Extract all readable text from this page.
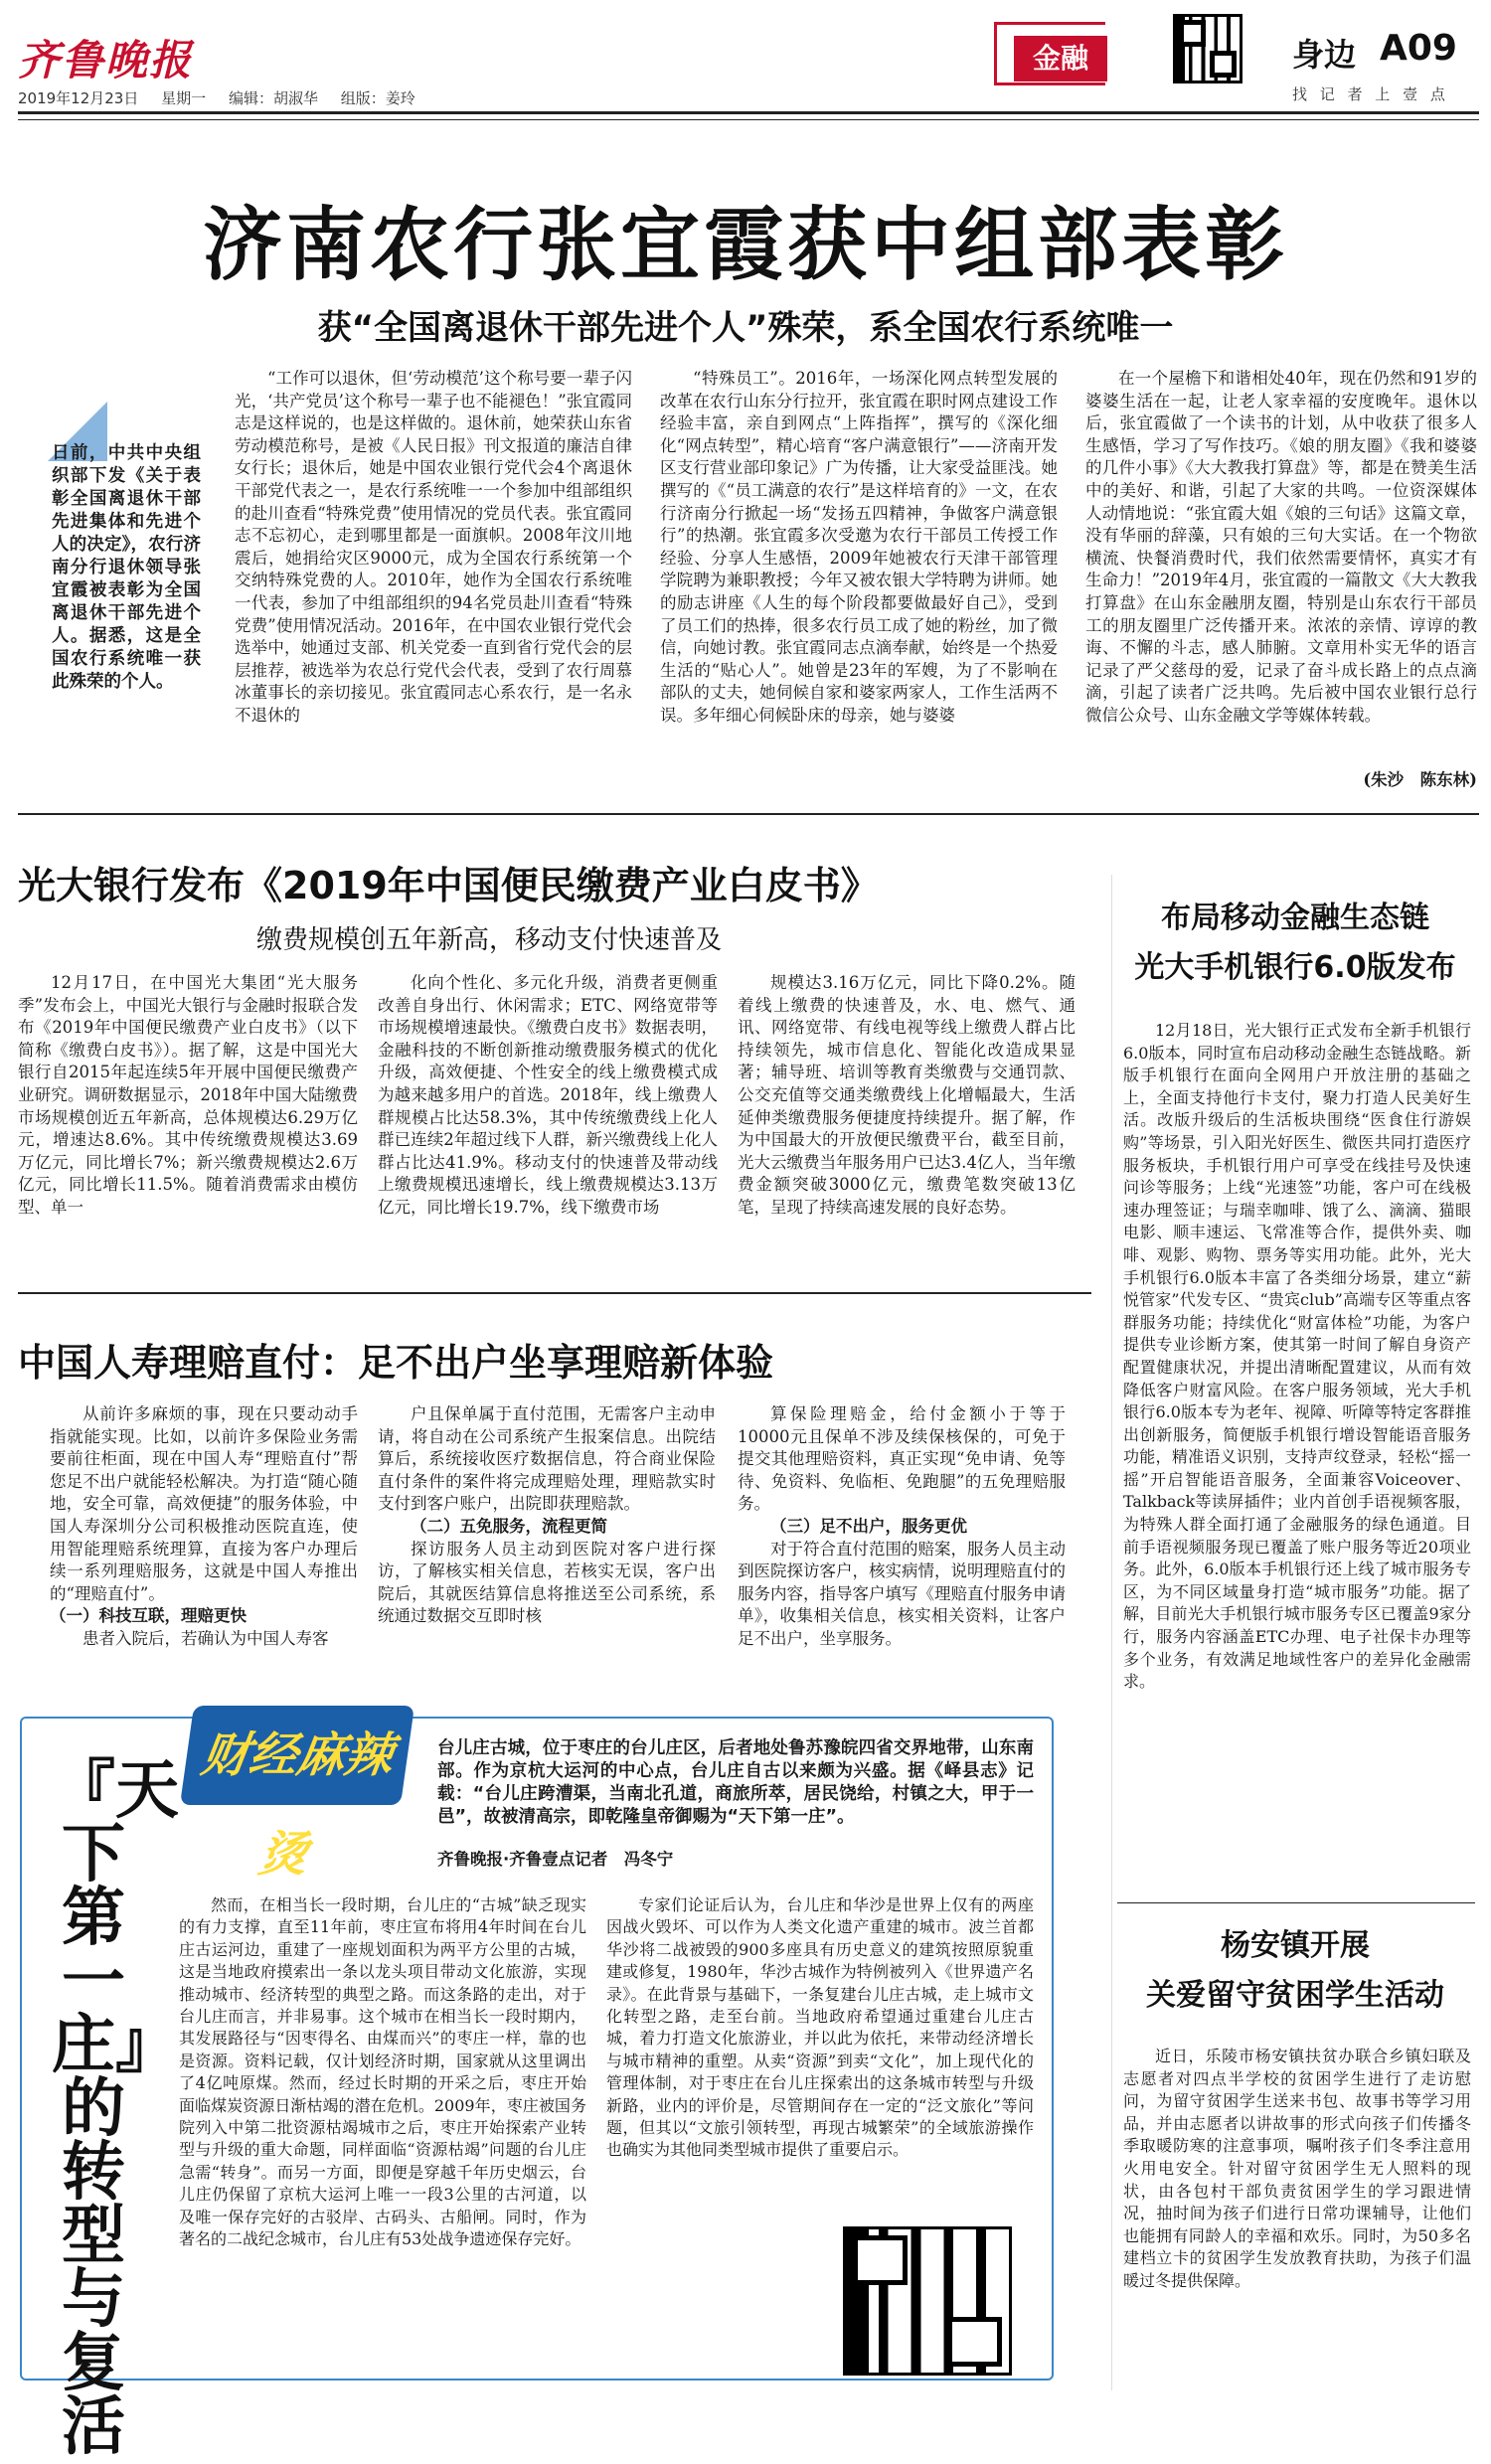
齐鲁晚报
2019年12月23日 星期一 编辑：胡淑华 组版：姜玲
金融	身边 A09
找 记 者 上 壹 点
济南农行张宜霞获中组部表彰
获“全国离退休干部先进个人”殊荣，系全国农行系统唯一
日前，中共中央组织部下发《关于表彰全国离退休干部先进集体和先进个人的决定》，农行济南分行退休领导张宜霞被表彰为全国离退休干部先进个人。据悉，这是全国农行系统唯一获此殊荣的个人。

“工作可以退休，但‘劳动模范’这个称号要一辈子闪光，‘共产党员’这个称号一辈子也不能褪色！”张宜霞同志是这样说的，也是这样做的。退休前，她荣获山东省劳动模范称号，是被《人民日报》刊文报道的廉洁自律女行长；退休后，她是中国农业银行党代会4个离退休干部党代表之一，是农行系统唯一一个参加中组部组织的赴川查看“特殊党费”使用情况的党员代表。张宜霞同志不忘初心，走到哪里都是一面旗帜。2008年汶川地震后，她捐给灾区9000元，成为全国农行系统第一个交纳特殊党费的人。2010年，她作为全国农行系统唯一代表，参加了中组部组织的94名党员赴川查看“特殊党费”使用情况活动。2016年，在中国农业银行党代会选举中，她通过支部、机关党委一直到省行党代会的层层推荐，被选举为农总行党代会代表，受到了农行周慕冰董事长的亲切接见。张宜霞同志心系农行，是一名永不退休的

“特殊员工”。2016年，一场深化网点转型发展的改革在农行山东分行拉开，张宜霞在职时网点建设工作经验丰富，亲自到网点“上阵指挥”，撰写的《深化细化“网点转型”，精心培育“客户满意银行”——济南开发区支行营业部印象记》广为传播，让大家受益匪浅。她撰写的《“员工满意的农行”是这样培育的》一文，在农行济南分行掀起一场“发扬五四精神，争做客户满意银行”的热潮。张宜霞多次受邀为农行干部员工传授工作经验、分享人生感悟，2009年她被农行天津干部管理学院聘为兼职教授；今年又被农银大学特聘为讲师。她的励志讲座《人生的每个阶段都要做最好自己》，受到了员工们的热捧，很多农行员工成了她的粉丝，加了微信，向她讨教。张宜霞同志点滴奉献，始终是一个热爱生活的“贴心人”。她曾是23年的军嫂，为了不影响在部队的丈夫，她伺候自家和婆家两家人，工作生活两不误。多年细心伺候卧床的母亲，她与婆婆

在一个屋檐下和谐相处40年，现在仍然和91岁的婆婆生活在一起，让老人家幸福的安度晚年。退休以后，张宜霞做了一个读书的计划，从中收获了很多人生感悟，学习了写作技巧。《娘的朋友圈》《我和婆婆的几件小事》《大大教我打算盘》等，都是在赞美生活中的美好、和谐，引起了大家的共鸣。一位资深媒体人动情地说：“张宜霞大姐《娘的三句话》这篇文章，没有华丽的辞藻，只有娘的三句大实话。在一个物欲横流、快餐消费时代，我们依然需要情怀，真实才有生命力！”2019年4月，张宜霞的一篇散文《大大教我打算盘》在山东金融朋友圈，特别是山东农行干部员工的朋友圈里广泛传播开来。浓浓的亲情、谆谆的教诲、不懈的斗志，感人肺腑。文章用朴实无华的语言记录了严父慈母的爱，记录了奋斗成长路上的点点滴滴，引起了读者广泛共鸣。先后被中国农业银行总行微信公众号、山东金融文学等媒体转载。

(朱沙　陈东林)
光大银行发布《2019年中国便民缴费产业白皮书》
缴费规模创五年新高，移动支付快速普及

12月17日，在中国光大集团“光大服务季”发布会上，中国光大银行与金融时报联合发布《2019年中国便民缴费产业白皮书》（以下简称《缴费白皮书》）。据了解，这是中国光大银行自2015年起连续5年开展中国便民缴费产业研究。调研数据显示，2018年中国大陆缴费市场规模创近五年新高，总体规模达6.29万亿元，增速达8.6%。其中传统缴费规模达3.69万亿元，同比增长7%；新兴缴费规模达2.6万亿元，同比增长11.5%。随着消费需求由模仿型、单一

化向个性化、多元化升级，消费者更侧重改善自身出行、休闲需求；ETC、网络宽带等市场规模增速最快。《缴费白皮书》数据表明，金融科技的不断创新推动缴费服务模式的优化升级，高效便捷、个性安全的线上缴费模式成为越来越多用户的首选。2018年，线上缴费人群规模占比达58.3%，其中传统缴费线上化人群已连续2年超过线下人群，新兴缴费线上化人群占比达41.9%。移动支付的快速普及带动线上缴费规模迅速增长，线上缴费规模达3.13万亿元，同比增长19.7%，线下缴费市场

规模达3.16万亿元，同比下降0.2%。随着线上缴费的快速普及，水、电、燃气、通讯、网络宽带、有线电视等线上缴费人群占比持续领先，城市信息化、智能化改造成果显著；辅导班、培训等教育类缴费与交通罚款、公交充值等交通类缴费线上化增幅最大，生活延伸类缴费服务便捷度持续提升。据了解，作为中国最大的开放便民缴费平台，截至目前，光大云缴费当年服务用户已达3.4亿人，当年缴费金额突破3000亿元，缴费笔数突破13亿笔，呈现了持续高速发展的良好态势。

中国人寿理赔直付：足不出户坐享理赔新体验

从前许多麻烦的事，现在只要动动手指就能实现。比如，以前许多保险业务需要前往柜面，现在中国人寿“理赔直付”帮您足不出户就能轻松解决。为打造“随心随地，安全可靠，高效便捷”的服务体验，中国人寿深圳分公司积极推动医院直连，使用智能理赔系统理算，直接为客户办理后续一系列理赔服务，这就是中国人寿推出的“理赔直付”。

（一）科技互联，理赔更快

患者入院后，若确认为中国人寿客

户且保单属于直付范围，无需客户主动申请，将自动在公司系统产生报案信息。出院结算后，系统接收医疗数据信息，符合商业保险直付条件的案件将完成理赔处理，理赔款实时支付到客户账户，出院即获理赔款。

（二）五免服务，流程更简

探访服务人员主动到医院对客户进行探访，了解核实相关信息，若核实无误，客户出院后，其就医结算信息将推送至公司系统，系统通过数据交互即时核

算保险理赔金，给付金额小于等于10000元且保单不涉及续保核保的，可免于提交其他理赔资料，真正实现“免申请、免等待、免资料、免临柜、免跑腿”的五免理赔服务。

（三）足不出户，服务更优

对于符合直付范围的赔案，服务人员主动到医院探访客户，核实病情，说明理赔直付的服务内容，指导客户填写《理赔直付服务申请单》，收集相关信息，核实相关资料，让客户足不出户，坐享服务。

布局移动金融生态链
光大手机银行6.0版发布

12月18日，光大银行正式发布全新手机银行6.0版本，同时宣布启动移动金融生态链战略。新版手机银行在面向全网用户开放注册的基础之上，全面支持他行卡支付，聚力打造人民美好生活。改版升级后的生活板块围绕“医食住行游娱购”等场景，引入阳光好医生、微医共同打造医疗服务板块，手机银行用户可享受在线挂号及快速问诊等服务；上线“光速签”功能，客户可在线极速办理签证；与瑞幸咖啡、饿了么、滴滴、猫眼电影、顺丰速运、飞常准等合作，提供外卖、咖啡、观影、购物、票务等实用功能。此外，光大手机银行6.0版本丰富了各类细分场景，建立“薪悦管家”代发专区、“贵宾club”高端专区等重点客群服务功能；持续优化“财富体检”功能，为客户提供专业诊断方案，使其第一时间了解自身资产配置健康状况，并提出清晰配置建议，从而有效降低客户财富风险。在客户服务领域，光大手机银行6.0版本专为老年、视障、听障等特定客群推出创新服务，简便版手机银行增设智能语音服务功能，精准语义识别，支持声纹登录，轻松“摇一摇”开启智能语音服务，全面兼容Voiceover、Talkback等读屏插件；业内首创手语视频客服，为特殊人群全面打通了金融服务的绿色通道。目前手语视频服务现已覆盖了账户服务等近20项业务。此外，6.0版本手机银行还上线了城市服务专区，为不同区域量身打造“城市服务”功能。据了解，目前光大手机银行城市服务专区已覆盖9家分行，服务内容涵盖ETC办理、电子社保卡办理等多个业务，有效满足地域性客户的差异化金融需求。

杨安镇开展
关爱留守贫困学生活动

近日，乐陵市杨安镇扶贫办联合乡镇妇联及志愿者对四点半学校的贫困学生进行了走访慰问，为留守贫困学生送来书包、故事书等学习用品，并由志愿者以讲故事的形式向孩子们传播冬季取暖防寒的注意事项，嘱咐孩子们冬季注意用火用电安全。针对留守贫困学生无人照料的现状，由各包村干部负责贫困学生的学习跟进情况，抽时间为孩子们进行日常功课辅导，让他们也能拥有同龄人的幸福和欢乐。同时，为50多名建档立卡的贫困学生发放教育扶助，为孩子们温暖过冬提供保障。

『天下第一庄』的转型与复活
财经麻辣烫
台儿庄古城，位于枣庄的台儿庄区，后者地处鲁苏豫皖四省交界地带，山东南部。作为京杭大运河的中心点，台儿庄自古以来颇为兴盛。据《峄县志》记载：“台儿庄跨漕渠，当南北孔道，商旅所萃，居民饶给，村镇之大，甲于一邑”，故被清高宗，即乾隆皇帝御赐为“天下第一庄”。
齐鲁晚报·齐鲁壹点记者　冯冬宁

然而，在相当长一段时期，台儿庄的“古城”缺乏现实的有力支撑，直至11年前，枣庄宣布将用4年时间在台儿庄古运河边，重建了一座规划面积为两平方公里的古城，这是当地政府摸索出一条以龙头项目带动文化旅游，实现推动城市、经济转型的典型之路。而这条路的走出，对于台儿庄而言，并非易事。这个城市在相当长一段时期内，其发展路径与“因枣得名、由煤而兴”的枣庄一样，靠的也是资源。资料记载，仅计划经济时期，国家就从这里调出了4亿吨原煤。然而，经过长时期的开采之后，枣庄开始面临煤炭资源日渐枯竭的潜在危机。2009年，枣庄被国务院列入中第二批资源枯竭城市之后，枣庄开始探索产业转型与升级的重大命题，同样面临“资源枯竭”问题的台儿庄急需“转身”。而另一方面，即便是穿越千年历史烟云，台儿庄仍保留了京杭大运河上唯一一段3公里的古河道，以及唯一保存完好的古驳岸、古码头、古船闸。同时，作为著名的二战纪念城市，台儿庄有53处战争遗迹保存完好。

专家们论证后认为，台儿庄和华沙是世界上仅有的两座因战火毁坏、可以作为人类文化遗产重建的城市。波兰首都华沙将二战被毁的900多座具有历史意义的建筑按照原貌重建或修复，1980年，华沙古城作为特例被列入《世界遗产名录》。在此背景与基础下，一条复建台儿庄古城，走上城市文化转型之路，走至台前。当地政府希望通过重建台儿庄古城，着力打造文化旅游业，并以此为依托，来带动经济增长与城市精神的重塑。从卖“资源”到卖“文化”，加上现代化的管理体制，对于枣庄在台儿庄探索出的这条城市转型与升级新路，业内的评价是，尽管期间存在一定的“泛文旅化”等问题，但其以“文旅引领转型，再现古城繁荣”的全域旅游操作也确实为其他同类型城市提供了重要启示。
